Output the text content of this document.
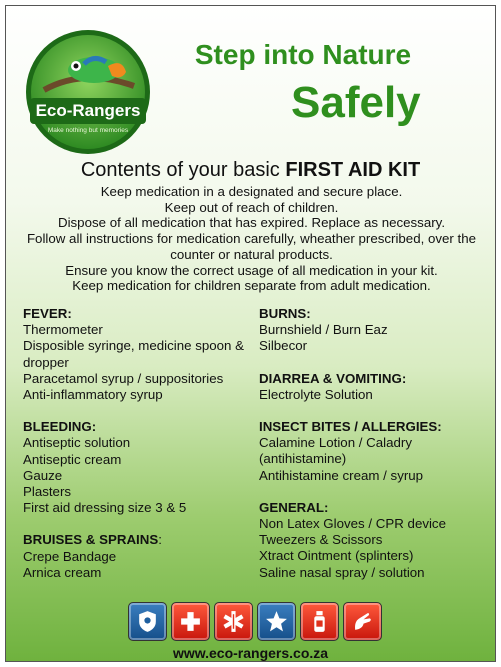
Eco-Rangers
Make nothing but memories
Step into Nature
Safely
Contents of your basic FIRST AID KIT
Keep medication in a designated and secure place.
Keep out of reach of children.
Dispose of all medication that has expired. Replace as necessary.
Follow all instructions for medication carefully, wheather prescribed, over the counter or natural products.
Ensure you know the correct usage of all medication in your kit.
Keep medication for children separate from adult medication.
FEVER:
Thermometer
Disposible syringe, medicine spoon & dropper
Paracetamol syrup / suppositories
Anti-inflammatory syrup
BLEEDING:
Antiseptic solution
Antiseptic cream
Gauze
Plasters
First aid dressing size 3 & 5
BRUISES & SPRAINS:
Crepe Bandage
Arnica cream
BURNS:
Burnshield / Burn Eaz
Silbecor
DIARREA & VOMITING:
Electrolyte Solution
INSECT BITES / ALLERGIES:
Calamine Lotion / Caladry (antihistamine)
Antihistamine cream / syrup
GENERAL:
Non Latex Gloves / CPR device
Tweezers & Scissors
Xtract Ointment (splinters)
Saline nasal spray / solution
www.eco-rangers.co.za
